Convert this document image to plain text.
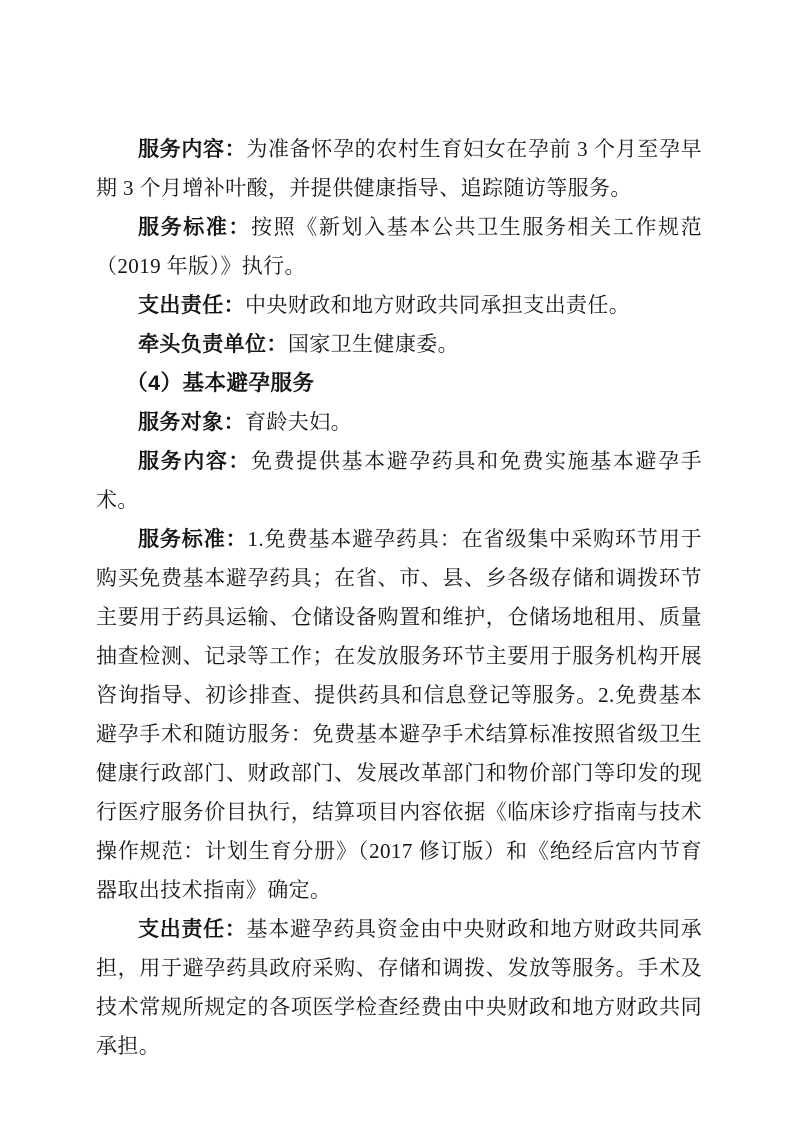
服务内容：为准备怀孕的农村生育妇女在孕前 3 个月至孕早期 3 个月增补叶酸，并提供健康指导、追踪随访等服务。

服务标准：按照《新划入基本公共卫生服务相关工作规范（2019 年版）》执行。

支出责任：中央财政和地方财政共同承担支出责任。

牵头负责单位：国家卫生健康委。

（4）基本避孕服务

服务对象：育龄夫妇。

服务内容：免费提供基本避孕药具和免费实施基本避孕手术。

服务标准：1.免费基本避孕药具：在省级集中采购环节用于购买免费基本避孕药具；在省、市、县、乡各级存储和调拨环节主要用于药具运输、仓储设备购置和维护，仓储场地租用、质量抽查检测、记录等工作；在发放服务环节主要用于服务机构开展咨询指导、初诊排查、提供药具和信息登记等服务。2.免费基本避孕手术和随访服务：免费基本避孕手术结算标准按照省级卫生健康行政部门、财政部门、发展改革部门和物价部门等印发的现行医疗服务价目执行，结算项目内容依据《临床诊疗指南与技术操作规范：计划生育分册》（2017 修订版）和《绝经后宫内节育器取出技术指南》确定。

支出责任：基本避孕药具资金由中央财政和地方财政共同承担，用于避孕药具政府采购、存储和调拨、发放等服务。手术及技术常规所规定的各项医学检查经费由中央财政和地方财政共同承担。
